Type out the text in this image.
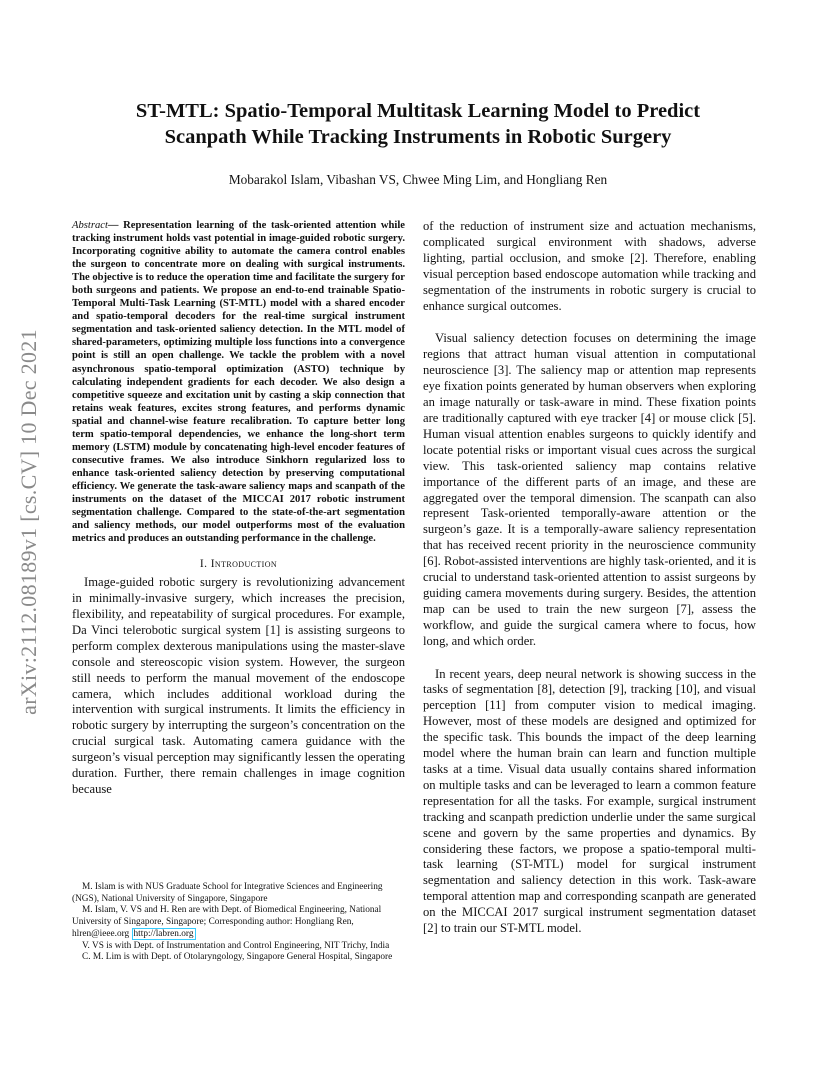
arXiv:2112.08189v1 [cs.CV] 10 Dec 2021
ST-MTL: Spatio-Temporal Multitask Learning Model to Predict
Scanpath While Tracking Instruments in Robotic Surgery
Mobarakol Islam, Vibashan VS, Chwee Ming Lim, and Hongliang Ren

Abstract— Representation learning of the task-oriented attention while tracking instrument holds vast potential in image-guided robotic surgery. Incorporating cognitive ability to automate the camera control enables the surgeon to concentrate more on dealing with surgical instruments. The objective is to reduce the operation time and facilitate the surgery for both surgeons and patients. We propose an end-to-end trainable Spatio-Temporal Multi-Task Learning (ST-MTL) model with a shared encoder and spatio-temporal decoders for the real-time surgical instrument segmentation and task-oriented saliency detection. In the MTL model of shared-parameters, optimizing multiple loss functions into a convergence point is still an open challenge. We tackle the problem with a novel asynchronous spatio-temporal optimization (ASTO) technique by calculating independent gradients for each decoder. We also design a competitive squeeze and excitation unit by casting a skip connection that retains weak features, excites strong features, and performs dynamic spatial and channel-wise feature recalibration. To capture better long term spatio-temporal dependencies, we enhance the long-short term memory (LSTM) module by concatenating high-level encoder features of consecutive frames. We also introduce Sinkhorn regularized loss to enhance task-oriented saliency detection by preserving computational efficiency. We generate the task-aware saliency maps and scanpath of the instruments on the dataset of the MICCAI 2017 robotic instrument segmentation challenge. Compared to the state-of-the-art segmentation and saliency methods, our model outperforms most of the evaluation metrics and produces an outstanding performance in the challenge.

I. Introduction

Image-guided robotic surgery is revolutionizing advancement in minimally-invasive surgery, which increases the precision, flexibility, and repeatability of surgical procedures. For example, Da Vinci telerobotic surgical system [1] is assisting surgeons to perform complex dexterous manipulations using the master-slave console and stereoscopic vision system. However, the surgeon still needs to perform the manual movement of the endoscope camera, which includes additional workload during the intervention with surgical instruments. It limits the efficiency in robotic surgery by interrupting the surgeon’s concentration on the crucial surgical task. Automating camera guidance with the surgeon’s visual perception may significantly lessen the operating duration. Further, there remain challenges in image cognition because

of the reduction of instrument size and actuation mechanisms, complicated surgical environment with shadows, adverse lighting, partial occlusion, and smoke [2]. Therefore, enabling visual perception based endoscope automation while tracking and segmentation of the instruments in robotic surgery is crucial to enhance surgical outcomes.

Visual saliency detection focuses on determining the image regions that attract human visual attention in computational neuroscience [3]. The saliency map or attention map represents eye fixation points generated by human observers when exploring an image naturally or task-aware in mind. These fixation points are traditionally captured with eye tracker [4] or mouse click [5]. Human visual attention enables surgeons to quickly identify and locate potential risks or important visual cues across the surgical view. This task-oriented saliency map contains relative importance of the different parts of an image, and these are aggregated over the temporal dimension. The scanpath can also represent Task-oriented temporally-aware attention or the surgeon’s gaze. It is a temporally-aware saliency representation that has received recent priority in the neuroscience community [6]. Robot-assisted interventions are highly task-oriented, and it is crucial to understand task-oriented attention to assist surgeons by guiding camera movements during surgery. Besides, the attention map can be used to train the new surgeon [7], assess the workflow, and guide the surgical camera where to focus, how long, and which order.

In recent years, deep neural network is showing success in the tasks of segmentation [8], detection [9], tracking [10], and visual perception [11] from computer vision to medical imaging. However, most of these models are designed and optimized for the specific task. This bounds the impact of the deep learning model where the human brain can learn and function multiple tasks at a time. Visual data usually contains shared information on multiple tasks and can be leveraged to learn a common feature representation for all the tasks. For example, surgical instrument tracking and scanpath prediction underlie under the same surgical scene and govern by the same properties and dynamics. By considering these factors, we propose a spatio-temporal multi-task learning (ST-MTL) model for surgical instrument segmentation and saliency detection in this work. Task-aware temporal attention map and corresponding scanpath are generated on the MICCAI 2017 surgical instrument segmentation dataset [2] to train our ST-MTL model.

M. Islam is with NUS Graduate School for Integrative Sciences and Engineering (NGS), National University of Singapore, Singapore

M. Islam, V. VS and H. Ren are with Dept. of Biomedical Engineering, National University of Singapore, Singapore; Corresponding author: Hongliang Ren, hlren@ieee.org http://labren.org

V. VS is with Dept. of Instrumentation and Control Engineering, NIT Trichy, India

C. M. Lim is with Dept. of Otolaryngology, Singapore General Hospital, Singapore
